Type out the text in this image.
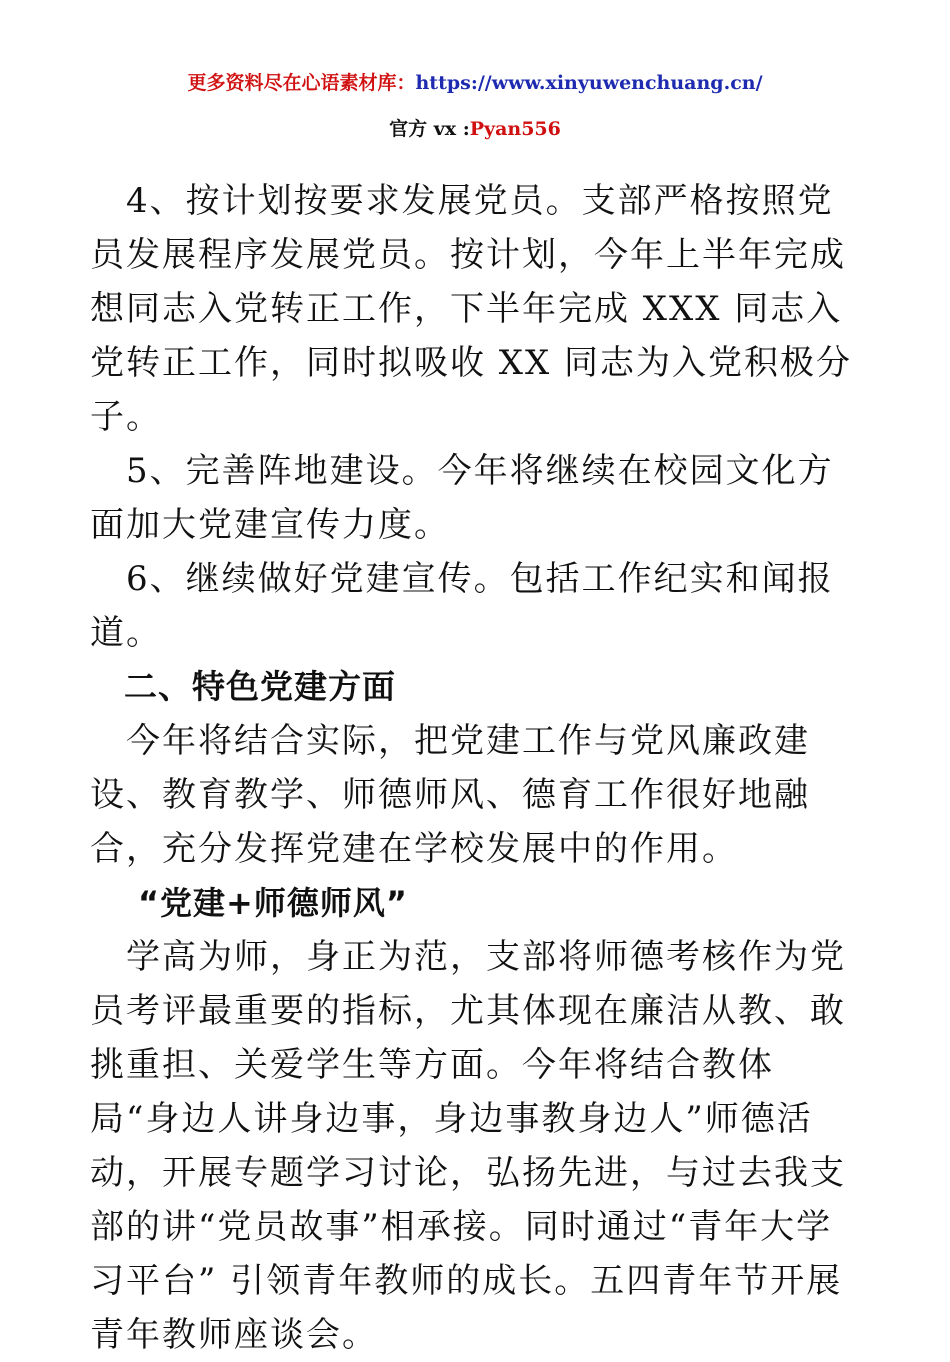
更多资料尽在心语素材库：https://www.xinyuwenchuang.cn/
官方 vx :Pyan556

4、按计划按要求发展党员。支部严格按照党员发展程序发展党员。按计划，今年上半年完成想同志入党转正工作，下半年完成 XXX 同志入党转正工作，同时拟吸收 XX 同志为入党积极分子。

5、完善阵地建设。今年将继续在校园文化方面加大党建宣传力度。

6、继续做好党建宣传。包括工作纪实和闻报道。

二、特色党建方面

今年将结合实际，把党建工作与党风廉政建设、教育教学、师德师风、德育工作很好地融合，充分发挥党建在学校发展中的作用。

“党建+师德师风”

学高为师，身正为范，支部将师德考核作为党员考评最重要的指标，尤其体现在廉洁从教、敢挑重担、关爱学生等方面。今年将结合教体局“身边人讲身边事，身边事教身边人”师德活动，开展专题学习讨论，弘扬先进，与过去我支部的讲“党员故事”相承接。同时通过“青年大学习平台” 引领青年教师的成长。五四青年节开展青年教师座谈会。
